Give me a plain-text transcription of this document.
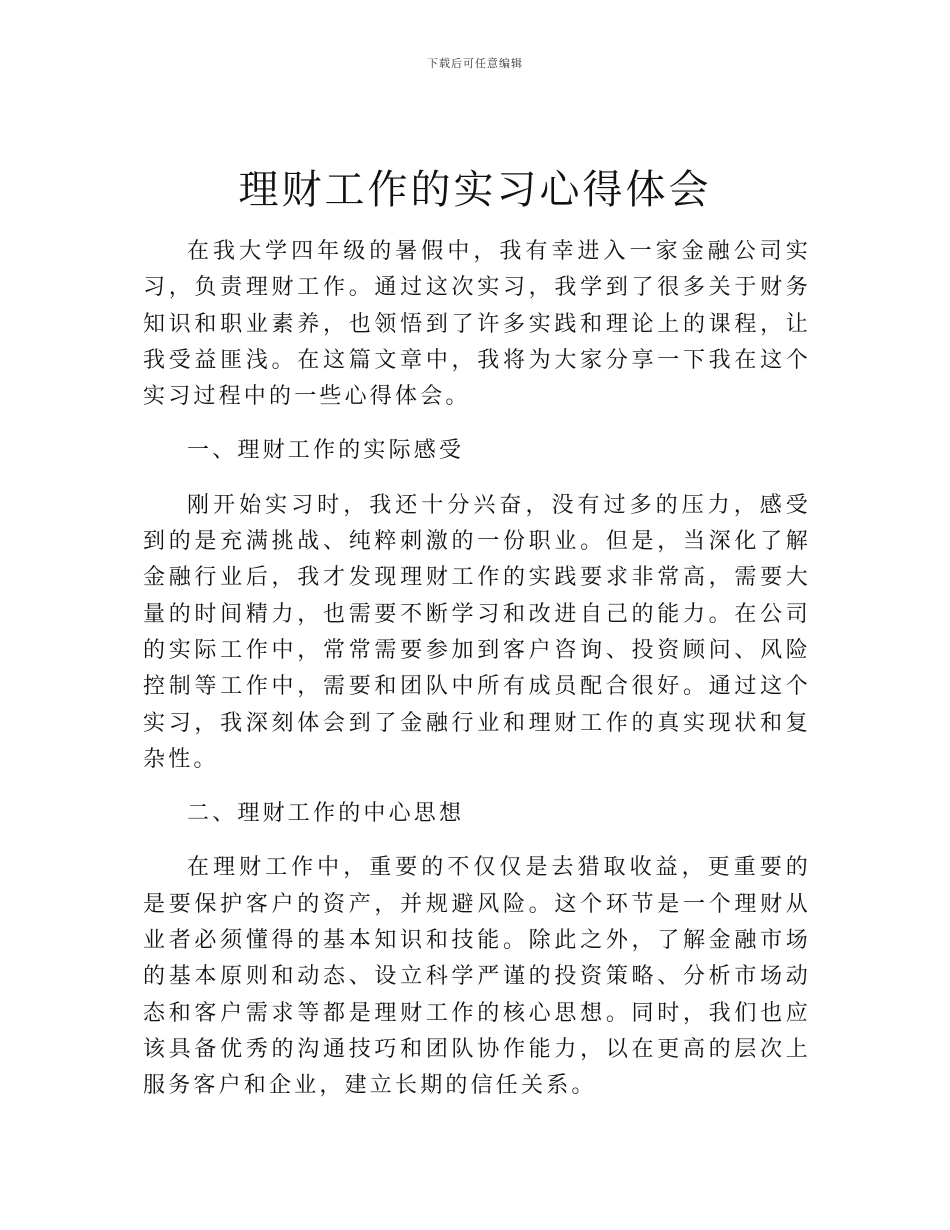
下载后可任意编辑
理财工作的实习心得体会

在我大学四年级的暑假中，我有幸进入一家金融公司实习，负责理财工作。通过这次实习，我学到了很多关于财务知识和职业素养，也领悟到了许多实践和理论上的课程，让我受益匪浅。在这篇文章中，我将为大家分享一下我在这个实习过程中的一些心得体会。

一、理财工作的实际感受

刚开始实习时，我还十分兴奋，没有过多的压力，感受到的是充满挑战、纯粹刺激的一份职业。但是，当深化了解金融行业后，我才发现理财工作的实践要求非常高，需要大量的时间精力，也需要不断学习和改进自己的能力。在公司的实际工作中，常常需要参加到客户咨询、投资顾问、风险控制等工作中，需要和团队中所有成员配合很好。通过这个实习，我深刻体会到了金融行业和理财工作的真实现状和复杂性。

二、理财工作的中心思想

在理财工作中，重要的不仅仅是去猎取收益，更重要的是要保护客户的资产，并规避风险。这个环节是一个理财从业者必须懂得的基本知识和技能。除此之外，了解金融市场的基本原则和动态、设立科学严谨的投资策略、分析市场动态和客户需求等都是理财工作的核心思想。同时，我们也应该具备优秀的沟通技巧和团队协作能力，以在更高的层次上服务客户和企业，建立长期的信任关系。
